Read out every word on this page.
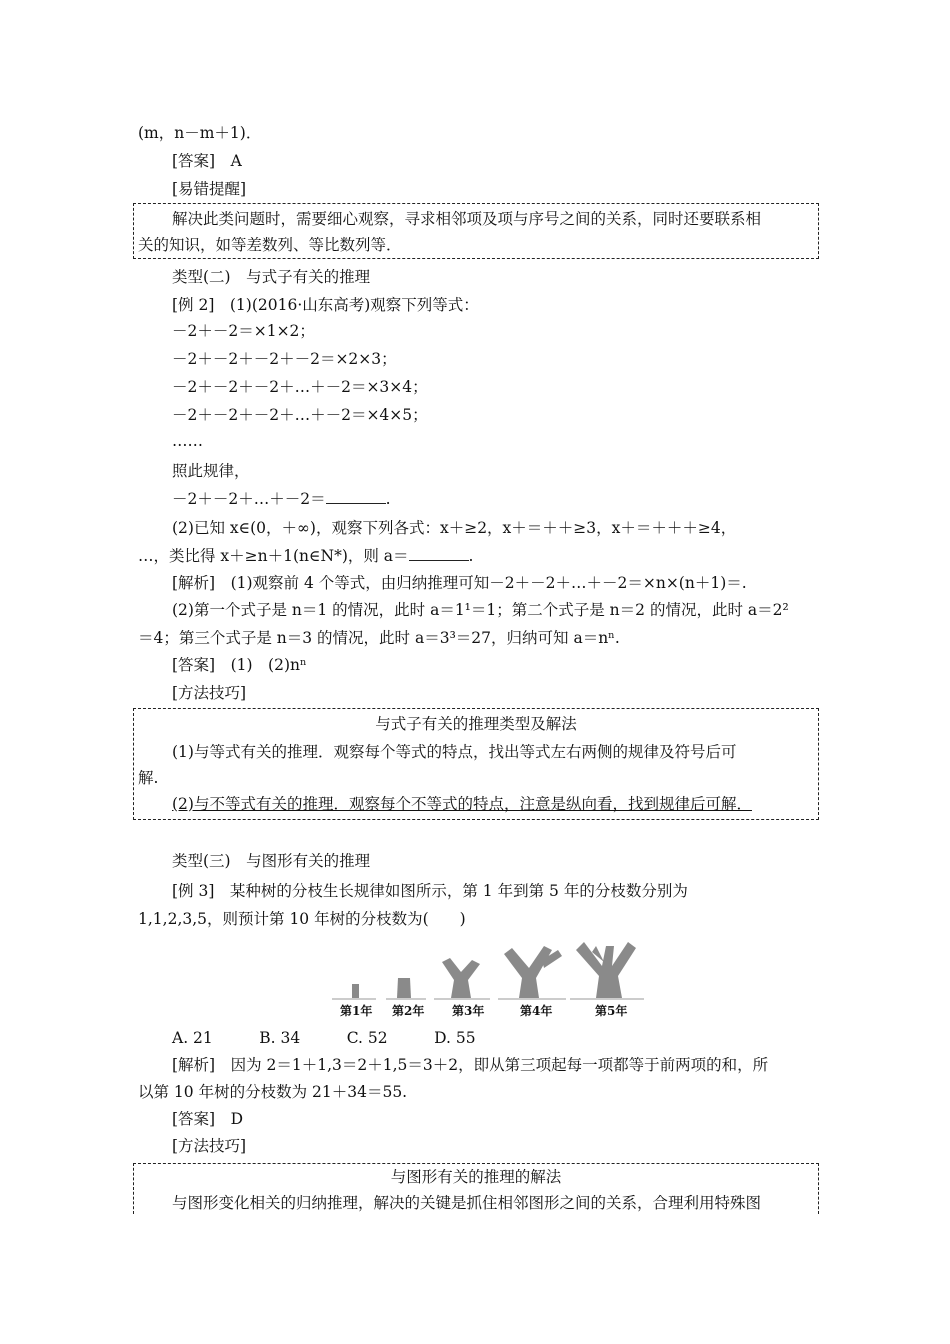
(m，n－m＋1)．
[答案]　A
[易错提醒]
解决此类问题时，需要细心观察，寻求相邻项及项与序号之间的关系，同时还要联系相
关的知识，如等差数列、等比数列等．
类型(二)　与式子有关的推理
[例 2]　(1)(2016·山东高考)观察下列等式：
－2＋－2＝×1×2；
－2＋－2＋－2＋－2＝×2×3；
－2＋－2＋－2＋…＋－2＝×3×4；
－2＋－2＋－2＋…＋－2＝×4×5；
……
照此规律，
－2＋－2＋…＋－2＝	.
(2)已知 x∈(0，＋∞)，观察下列各式：x＋≥2，x＋＝＋＋≥3，x＋＝＋＋＋≥4，
…，类比得 x＋≥n＋1(n∈N*)，则 a＝	.
[解析]　(1)观察前 4 个等式，由归纳推理可知－2＋－2＋…＋－2＝×n×(n＋1)＝.
(2)第一个式子是 n＝1 的情况，此时 a＝1¹＝1；第二个式子是 n＝2 的情况，此时 a＝2²
＝4；第三个式子是 n＝3 的情况，此时 a＝3³＝27，归纳可知 a＝nⁿ.
[答案]　(1)　(2)nⁿ
[方法技巧]
与式子有关的推理类型及解法
(1)与等式有关的推理．观察每个等式的特点，找出等式左右两侧的规律及符号后可
解.
(2)与不等式有关的推理．观察每个不等式的特点，注意是纵向看，找到规律后可解．
类型(三)　与图形有关的推理
[例 3]　某种树的分枝生长规律如图所示，第 1 年到第 5 年的分枝数分别为
1,1,2,3,5，则预计第 10 年树的分枝数为(　　)
第1年 第2年 第3年	第4年	第5年
A. 21　　　B. 34　　　C. 52　　　D. 55
[解析]　因为 2＝1＋1,3＝2＋1,5＝3＋2，即从第三项起每一项都等于前两项的和，所
以第 10 年树的分枝数为 21＋34＝55.
[答案]　D
[方法技巧]
与图形有关的推理的解法
与图形变化相关的归纳推理，解决的关键是抓住相邻图形之间的关系，合理利用特殊图
